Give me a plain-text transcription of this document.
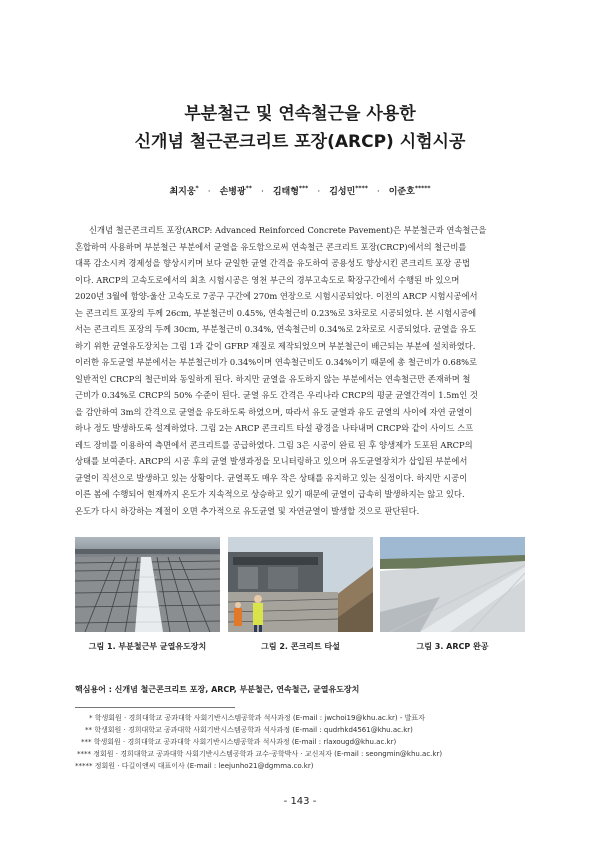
부분철근 및 연속철근을 사용한
신개념 철근콘크리트 포장(ARCP) 시험시공
최지웅* · 손병광** · 김태형*** · 김성민**** · 이준호*****
신개념 철근콘크리트 포장(ARCP: Advanced Reinforced Concrete Pavement)은 부분철근과 연속철근을
혼합하여 사용하며 부분철근 부분에서 균열을 유도함으로써 연속철근 콘크리트 포장(CRCP)에서의 철근비를
대폭 감소시켜 경제성을 향상시키며 보다 균일한 균열 간격을 유도하여 공용성도 향상시킨 콘크리트 포장 공법
이다. ARCP의 고속도로에서의 최초 시험시공은 영천 부근의 경부고속도로 확장구간에서 수행된 바 있으며
2020년 3월에 함양-울산 고속도로 7공구 구간에 270m 연장으로 시험시공되었다. 이전의 ARCP 시험시공에서
는 콘크리트 포장의 두께 26cm, 부분철근비 0.45%, 연속철근비 0.23%로 3차로로 시공되었다. 본 시험시공에
서는 콘크리트 포장의 두께 30cm, 부분철근비 0.34%, 연속철근비 0.34%로 2차로로 시공되었다. 균열을 유도
하기 위한 균열유도장치는 그림 1과 같이 GFRP 재질로 제작되었으며 부분철근이 배근되는 부분에 설치하였다.
이러한 유도균열 부분에서는 부분철근비가 0.34%이며 연속철근비도 0.34%이기 때문에 총 철근비가 0.68%로
일반적인 CRCP의 철근비와 동일하게 된다. 하지만 균열을 유도하지 않는 부분에서는 연속철근만 존재하며 철
근비가 0.34%로 CRCP의 50% 수준이 된다. 균열 유도 간격은 우리나라 CRCP의 평균 균열간격이 1.5m인 것
을 감안하여 3m의 간격으로 균열을 유도하도록 하였으며, 따라서 유도 균열과 유도 균열의 사이에 자연 균열이
하나 정도 발생하도록 설계하였다. 그림 2는 ARCP 콘크리트 타설 광경을 나타내며 CRCP와 같이 사이드 스프
레드 장비를 이용하여 측면에서 콘크리트를 공급하였다. 그림 3은 시공이 완료 된 후 양생제가 도포된 ARCP의
상태를 보여준다. ARCP의 시공 후의 균열 발생과정을 모니터링하고 있으며 유도균열장치가 삽입된 부분에서
균열이 직선으로 발생하고 있는 상황이다. 균열폭도 매우 작은 상태를 유지하고 있는 실정이다. 하지만 시공이
이른 봄에 수행되어 현재까지 온도가 지속적으로 상승하고 있기 때문에 균열이 급속히 발생하지는 않고 있다.
온도가 다시 하강하는 계절이 오면 추가적으로 유도균열 및 자연균열이 발생할 것으로 판단된다.
그림 1. 부분철근부 균열유도장치	그림 2. 콘크리트 타설	그림 3. ARCP 완공
핵심용어 : 신개념 철근콘크리트 포장, ARCP, 부분철근, 연속철근, 균열유도장치
* 학생회원 · 경희대학교 공과대학 사회기반시스템공학과 석사과정 (E-mail : jwchoi19@khu.ac.kr) - 발표자
** 학생회원 · 경희대학교 공과대학 사회기반시스템공학과 석사과정 (E-mail : qudrhkd4561@khu.ac.kr)
*** 학생회원 · 경희대학교 공과대학 사회기반시스템공학과 석사과정 (E-mail : rlaxougd@khu.ac.kr)
**** 정회원 · 경희대학교 공과대학 사회기반시스템공학과 교수·공학박사 · 교신저자 (E-mail : seongmin@khu.ac.kr)
***** 정회원 · 다길이앤씨 대표이사 (E-mail : leejunho21@dgmma.co.kr)
- 143 -
